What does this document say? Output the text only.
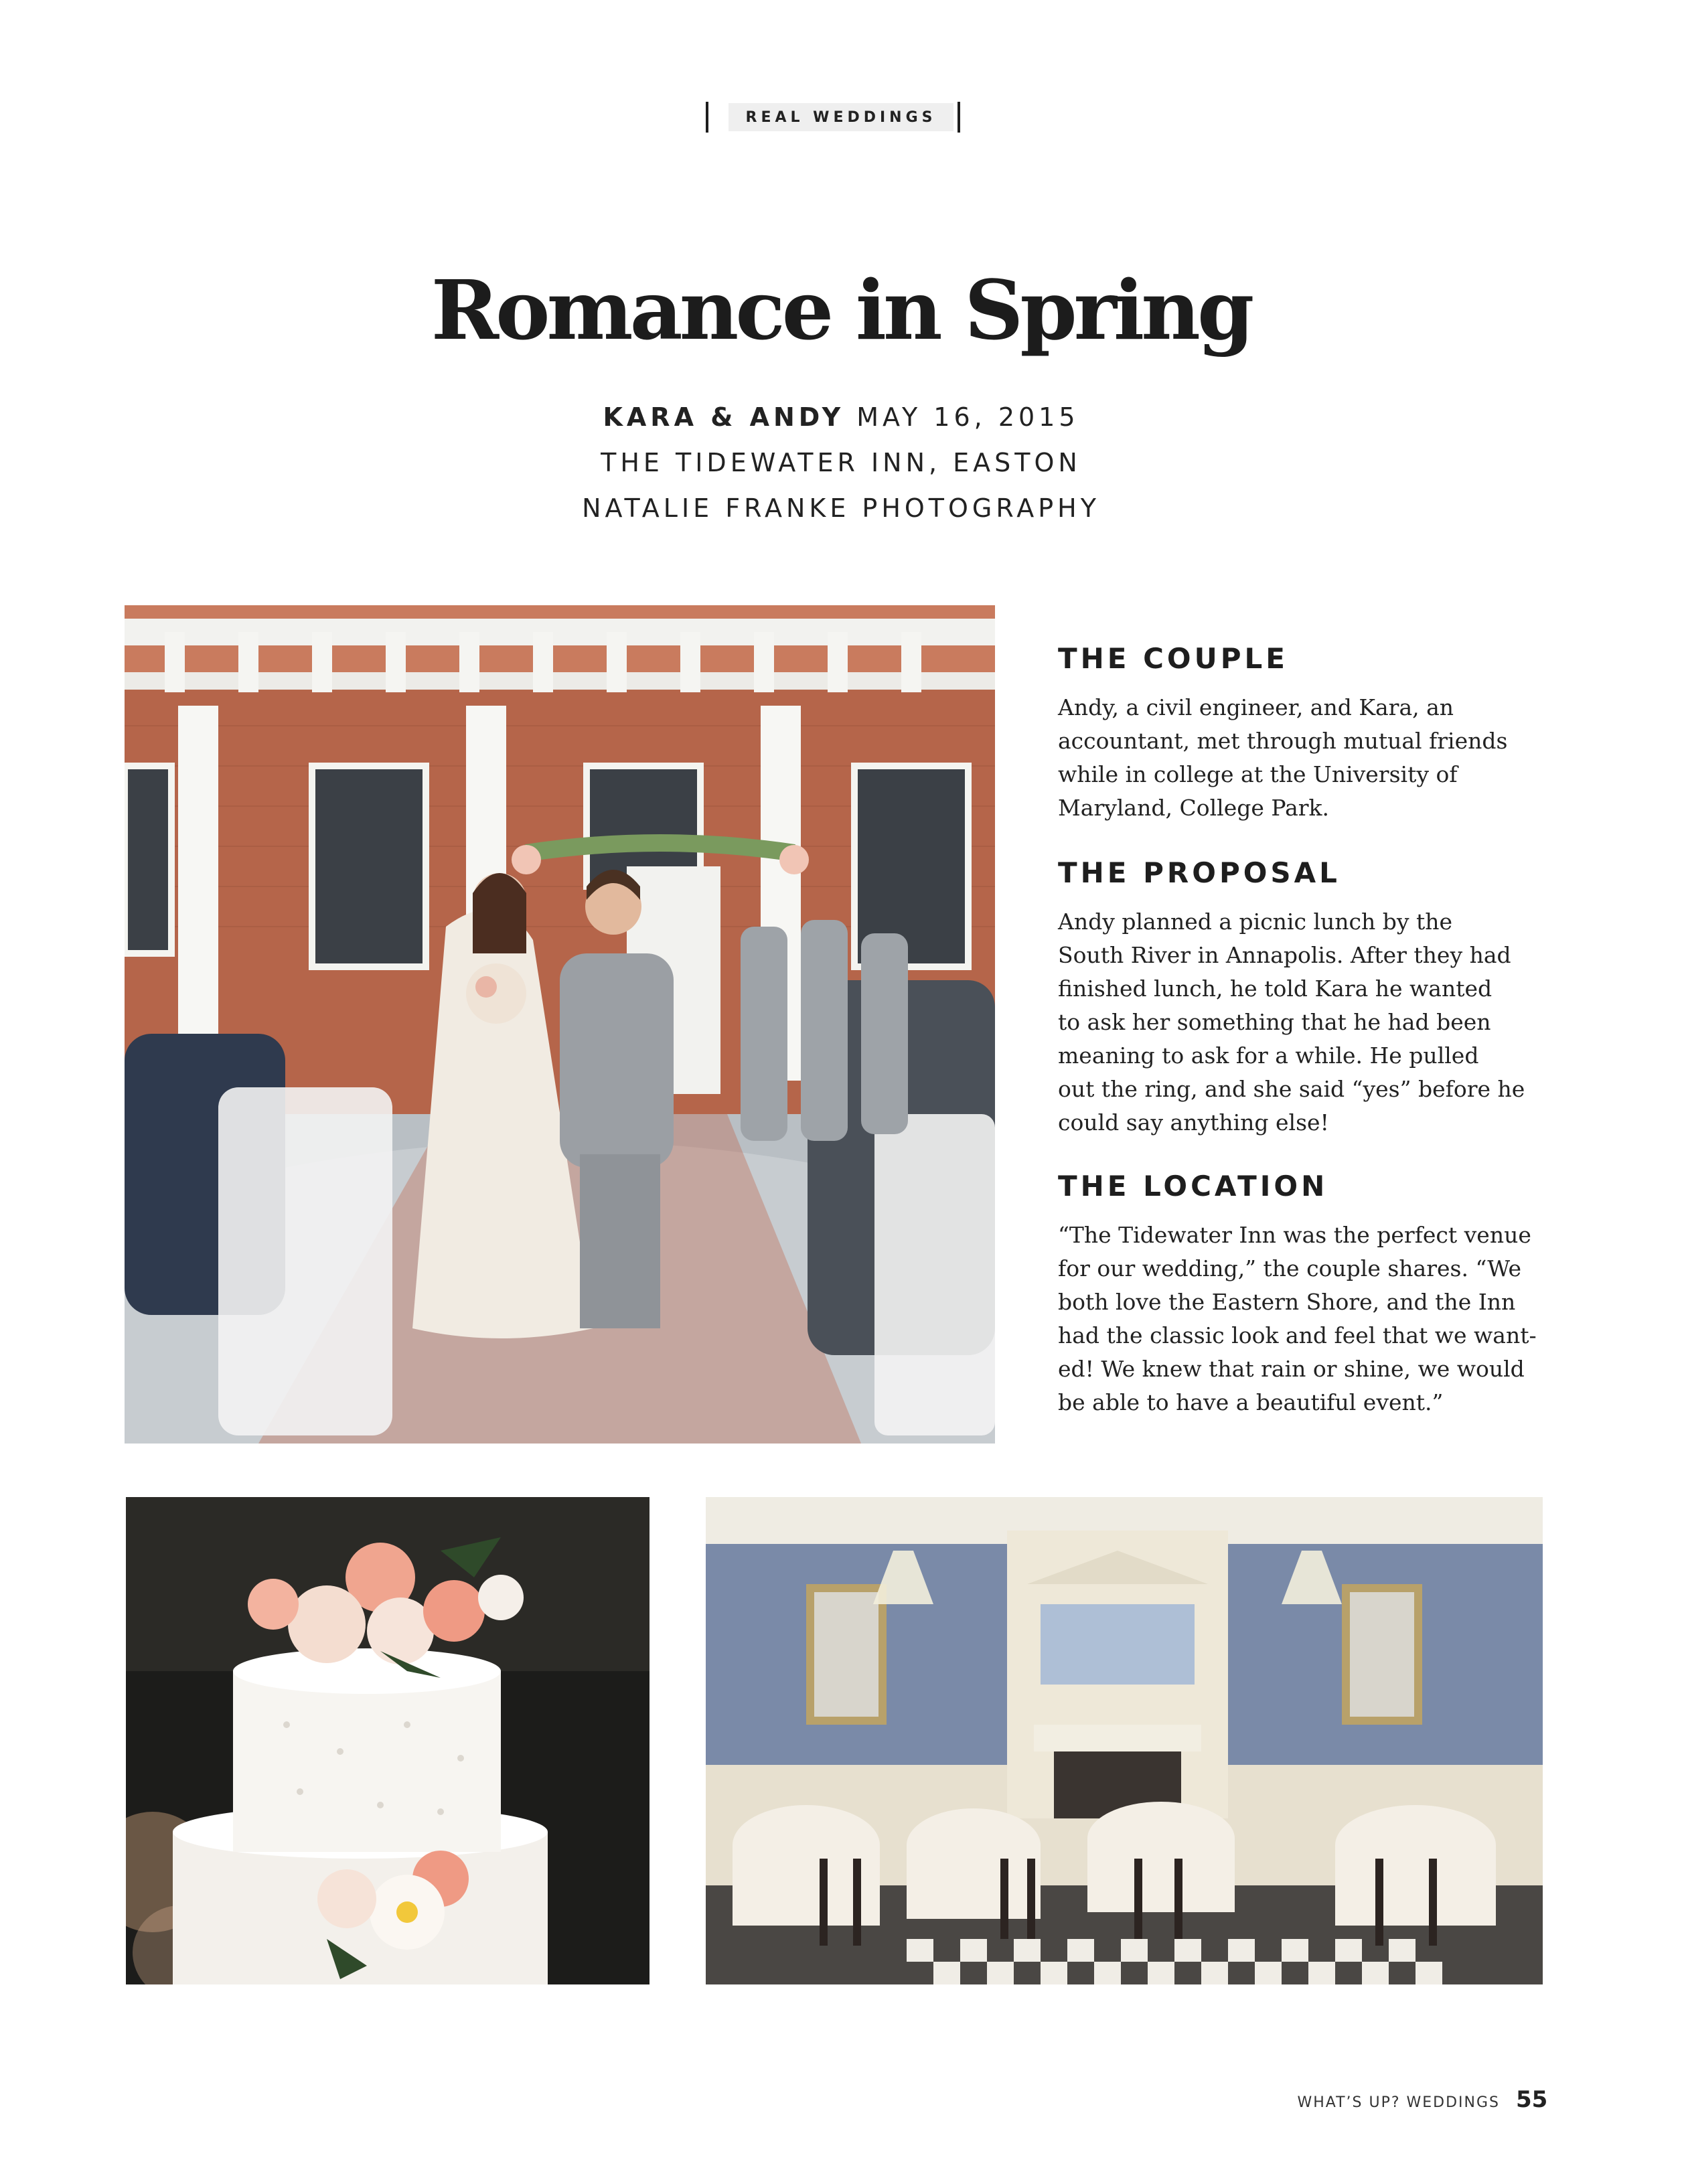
REAL WEDDINGS
Romance in Spring
KARA & ANDY MAY 16, 2015
THE TIDEWATER INN, EASTON
NATALIE FRANKE PHOTOGRAPHY
THE COUPLE
Andy, a civil engineer, and Kara, an
accountant, met through mutual friends
while in college at the University of
Maryland, College Park.
THE PROPOSAL
Andy planned a picnic lunch by the
South River in Annapolis. After they had
finished lunch, he told Kara he wanted
to ask her something that he had been
meaning to ask for a while. He pulled
out the ring, and she said “yes” before he
could say anything else!
THE LOCATION
“The Tidewater Inn was the perfect venue
for our wedding,” the couple shares. “We
both love the Eastern Shore, and the Inn
had the classic look and feel that we want-
ed! We knew that rain or shine, we would
be able to have a beautiful event.”
WHAT’S UP? WEDDINGS 55
